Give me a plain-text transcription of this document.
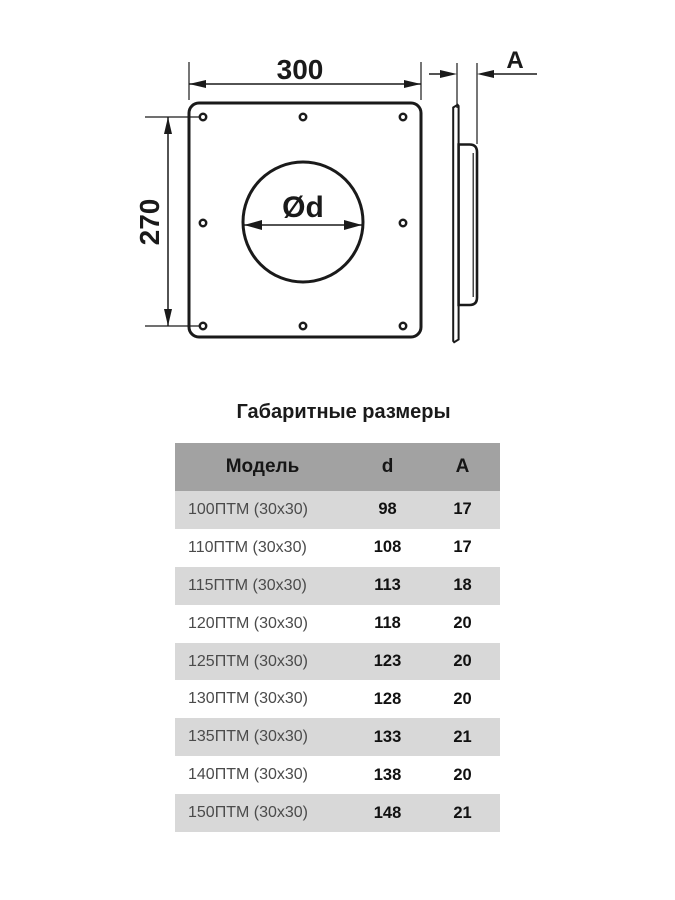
300
270	Ød
A
Габаритные размеры
Модель	d	A
100ПТМ (30x30)	98	17
110ПТМ (30x30)	108	17
115ПТМ (30x30)	113	18
120ПТМ (30x30)	118	20
125ПТМ (30x30)	123	20
130ПТМ (30x30)	128	20
135ПТМ (30x30)	133	21
140ПТМ (30x30)	138	20
150ПТМ (30x30)	148	21
